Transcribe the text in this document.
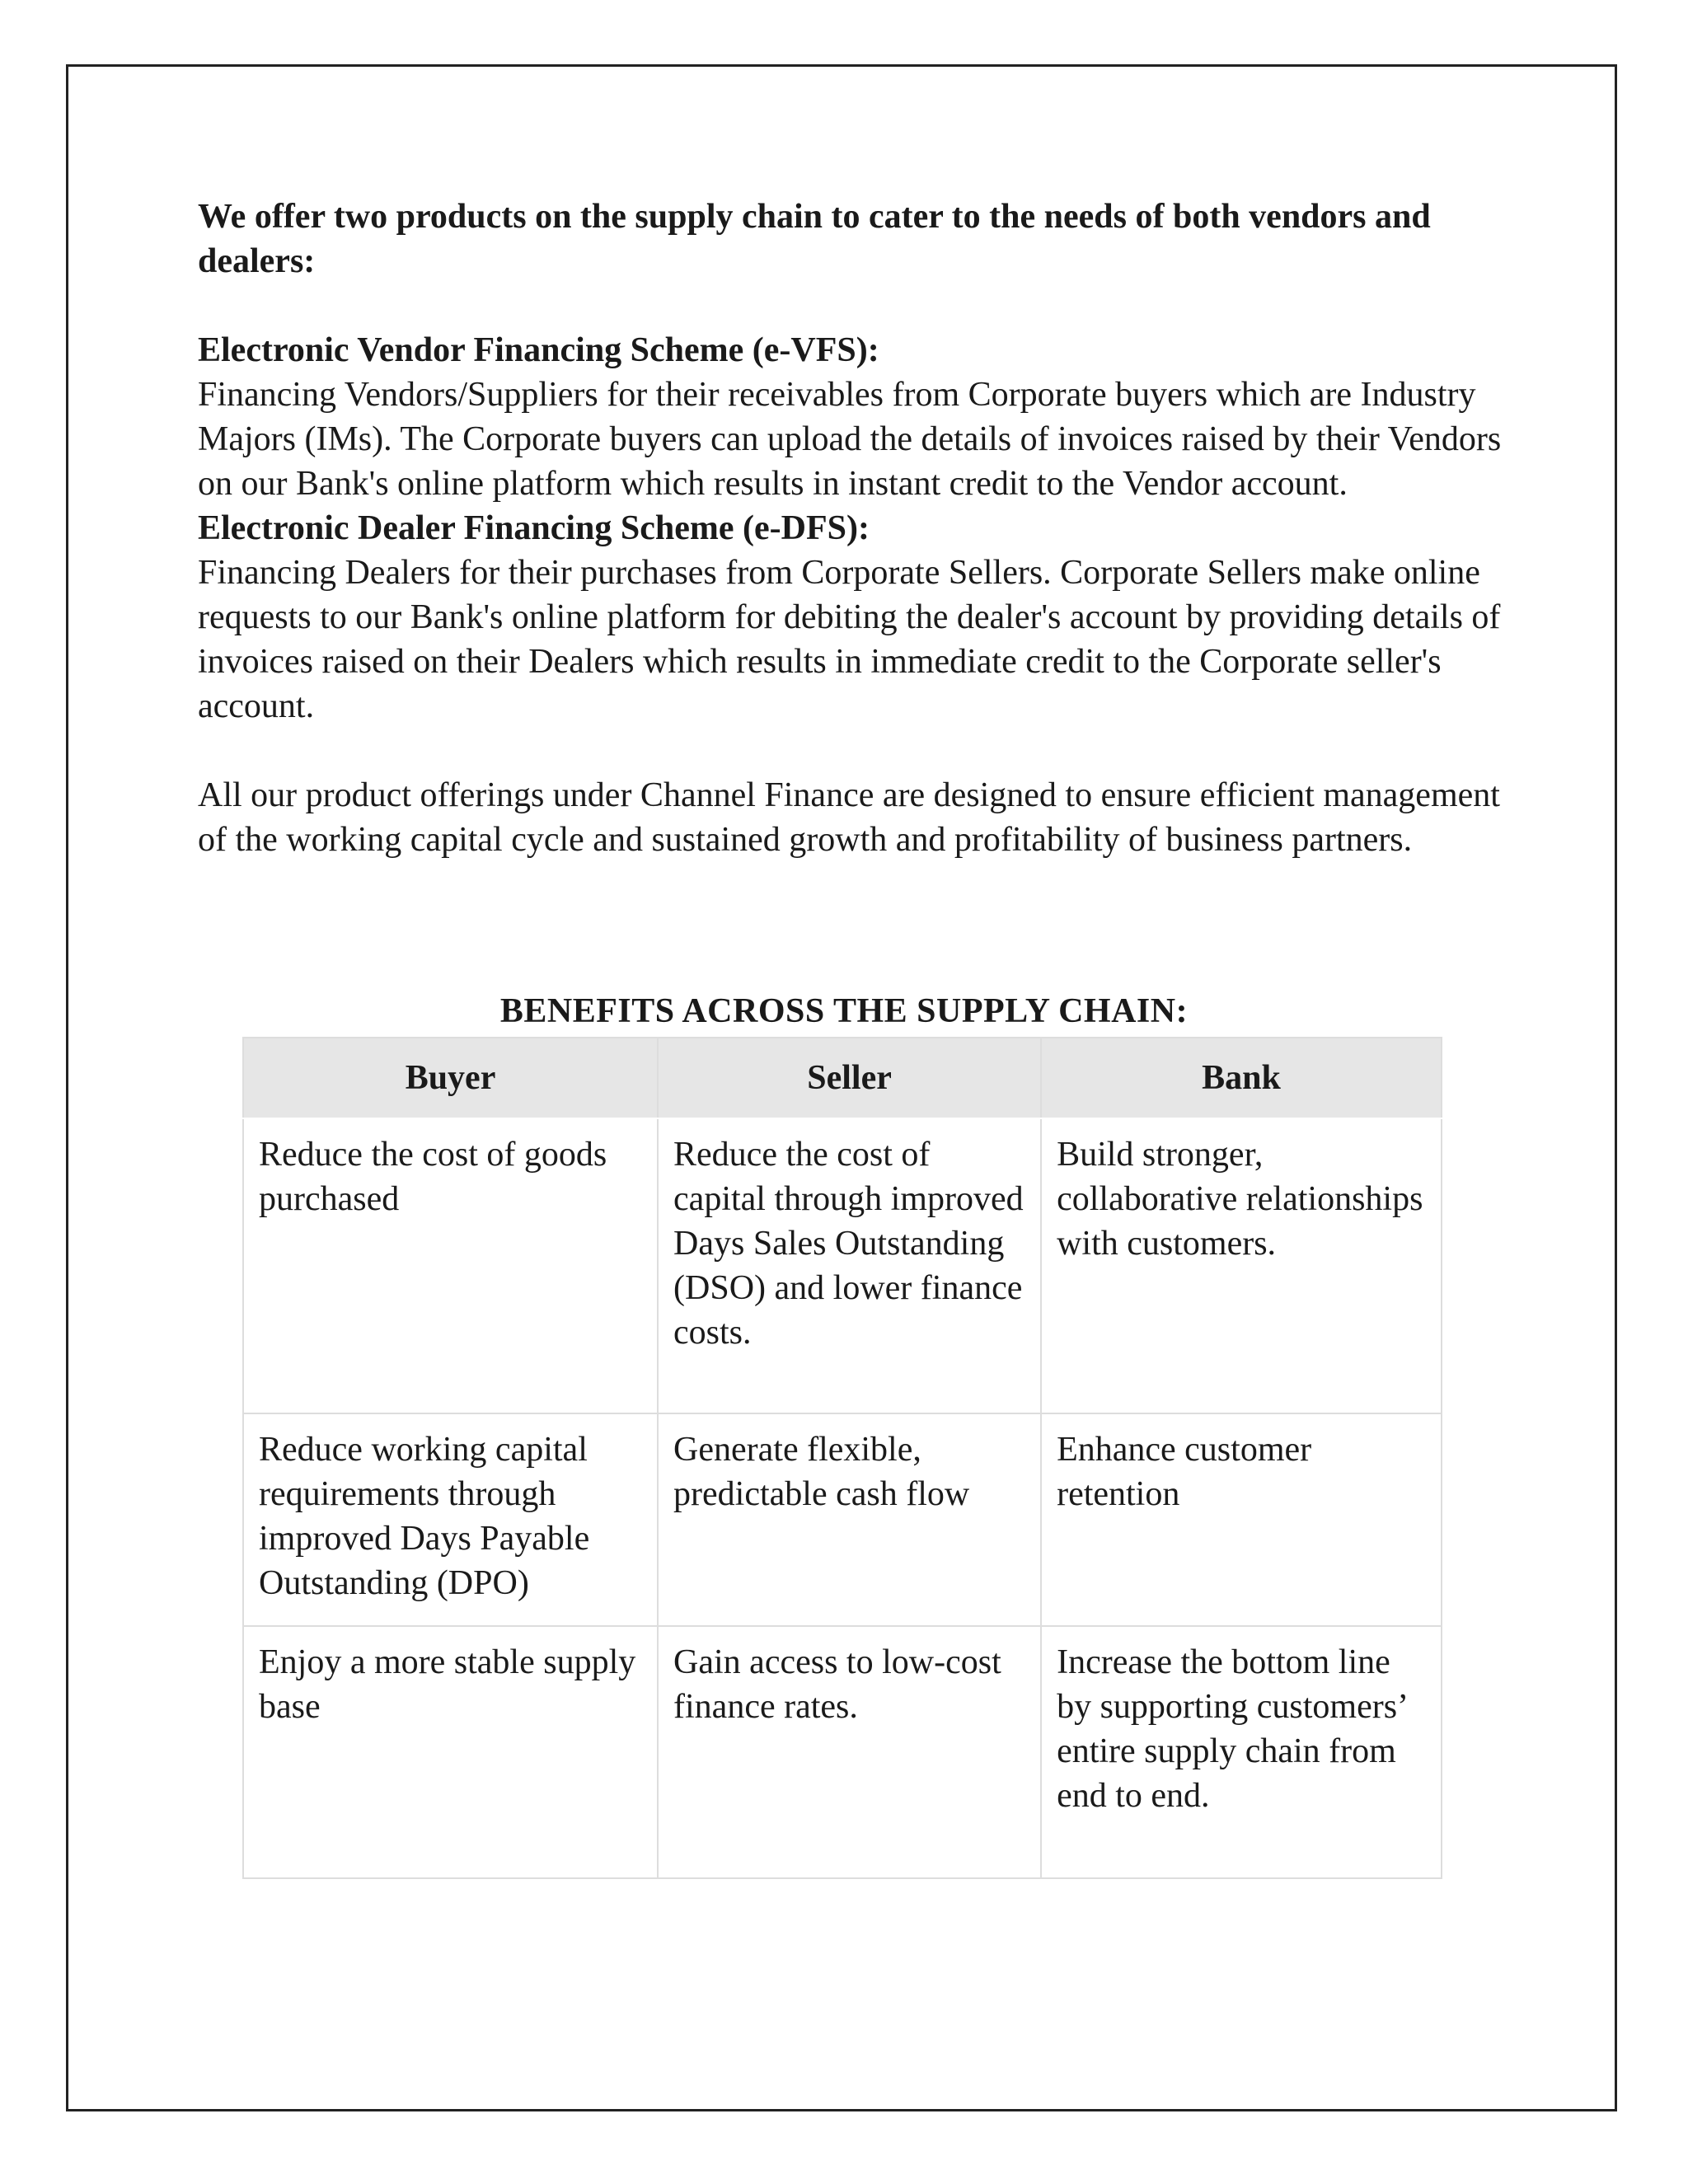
We offer two products on the supply chain to cater to the needs of both vendors and dealers:

Electronic Vendor Financing Scheme (e-VFS):

Financing Vendors/Suppliers for their receivables from Corporate buyers which are Industry Majors (IMs). The Corporate buyers can upload the details of invoices raised by their Vendors on our Bank's online platform which results in instant credit to the Vendor account.

Electronic Dealer Financing Scheme (e-DFS):

Financing Dealers for their purchases from Corporate Sellers. Corporate Sellers make online requests to our Bank's online platform for debiting the dealer's account by providing details of invoices raised on their Dealers which results in immediate credit to the Corporate seller's account.

All our product offerings under Channel Finance are designed to ensure efficient management of the working capital cycle and sustained growth and profitability of business partners.

BENEFITS ACROSS THE SUPPLY CHAIN:
Buyer	Seller	Bank
Reduce the cost of goods purchased	Reduce the cost of capital through improved Days Sales Outstanding (DSO) and lower finance costs.	Build stronger, collaborative relationships with customers.
Reduce working capital requirements through improved Days Payable Outstanding (DPO)	Generate flexible, predictable cash flow	Enhance customer retention
Enjoy a more stable supply base	Gain access to low-cost finance rates.	Increase the bottom line by supporting customers’ entire supply chain from end to end.
